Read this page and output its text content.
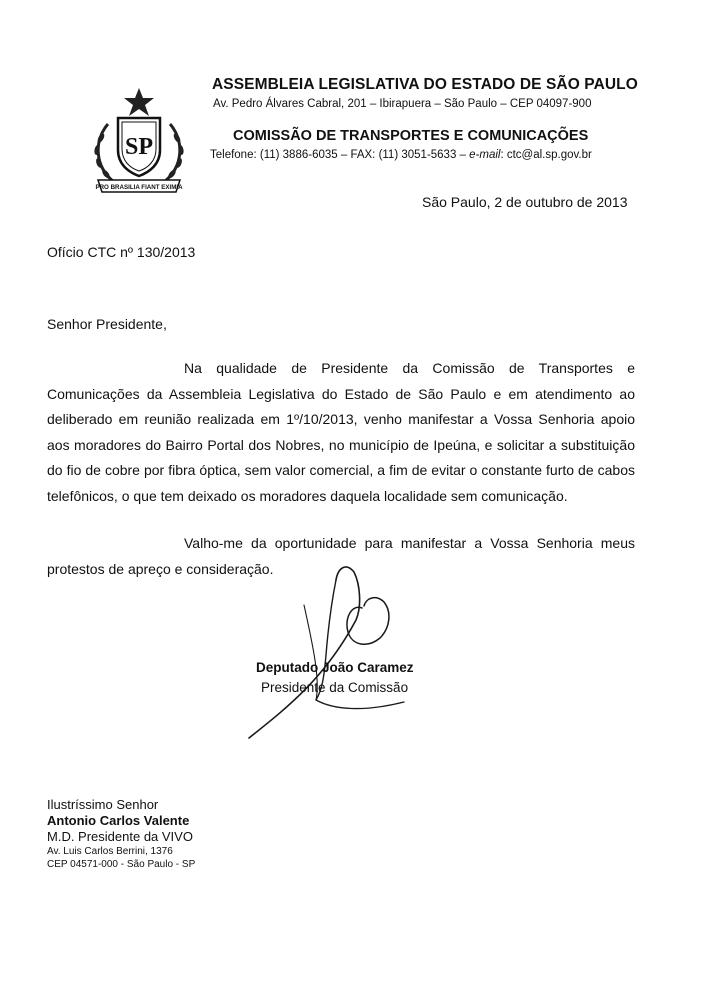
SP
PRO BRASILIA FIANT EXIMIA
ASSEMBLEIA LEGISLATIVA DO ESTADO DE SÃO PAULO
Av. Pedro Álvares Cabral, 201 – Ibirapuera – São Paulo – CEP 04097-900
COMISSÃO DE TRANSPORTES E COMUNICAÇÕES
Telefone: (11) 3886-6035 – FAX: (11) 3051-5633 – e-mail: ctc@al.sp.gov.br
São Paulo, 2 de outubro de 2013
Ofício CTC nº 130/2013
Senhor Presidente,

Na qualidade de Presidente da Comissão de Transportes e Comunicações da Assembleia Legislativa do Estado de São Paulo e em atendimento ao deliberado em reunião realizada em 1º/10/2013, venho manifestar a Vossa Senhoria apoio aos moradores do Bairro Portal dos Nobres, no município de Ipeúna, e solicitar a substituição do fio de cobre por fibra óptica, sem valor comercial, a fim de evitar o constante furto de cabos telefônicos, o que tem deixado os moradores daquela localidade sem comunicação.

Valho-me da oportunidade para manifestar a Vossa Senhoria meus protestos de apreço e consideração.

Deputado João Caramez
Presidente da Comissão
Ilustríssimo Senhor
Antonio Carlos Valente
M.D. Presidente da VIVO
Av. Luis Carlos Berrini, 1376
CEP 04571-000 - São Paulo - SP
